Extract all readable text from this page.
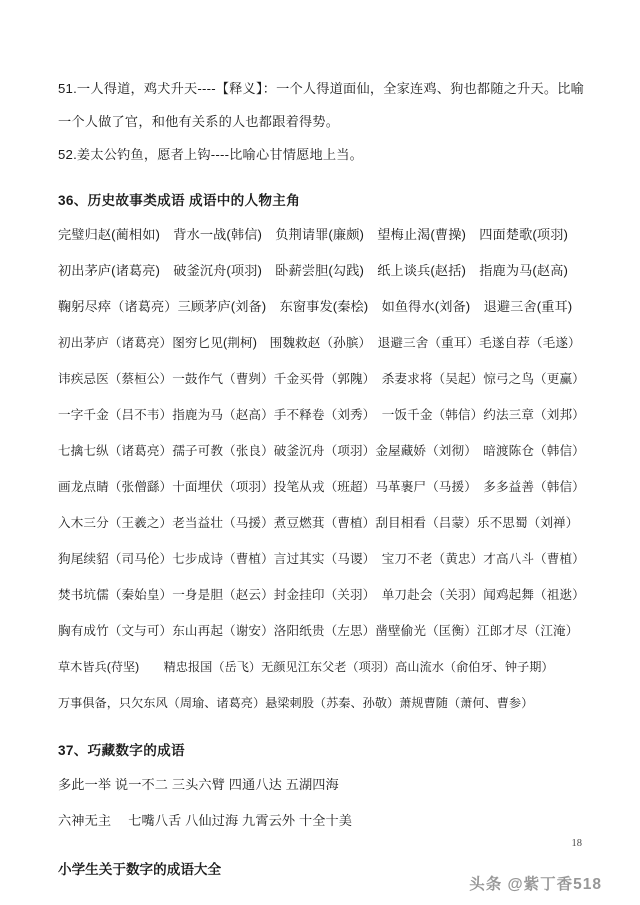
51.一人得道，鸡犬升天----【释义】：一个人得道面仙，全家连鸡、狗也都随之升天。比喻

一个人做了官，和他有关系的人也都跟着得势。

52.姜太公钓鱼，愿者上钩----比喻心甘情愿地上当。

36、历史故事类成语 成语中的人物主角

完璧归赵(蔺相如)　背水一战(韩信)　负荆请罪(廉颇)　望梅止渴(曹操)　四面楚歌(项羽)

初出茅庐(诸葛亮)　破釜沉舟(项羽)　卧薪尝胆(勾践)　纸上谈兵(赵括)　指鹿为马(赵高)

鞠躬尽瘁（诸葛亮）三顾茅庐(刘备)　东窗事发(秦桧)　如鱼得水(刘备)　退避三舍(重耳)

初出茅庐（诸葛亮）图穷匕见(荆柯)　围魏救赵（孙膑）　退避三舍（重耳）毛遂自荐（毛遂）

讳疾忌医（蔡桓公）一鼓作气（曹刿）千金买骨（郭隗）　杀妻求将（吴起）惊弓之鸟（更赢）

一字千金（吕不韦）指鹿为马（赵高）手不释卷（刘秀）　一饭千金（韩信）约法三章（刘邦）

七擒七纵（诸葛亮）孺子可教（张良）破釜沉舟（项羽）金屋藏娇（刘彻）　暗渡陈仓（韩信）

画龙点睛（张僧繇）十面埋伏（项羽）投笔从戎（班超）马革裹尸（马援）　多多益善（韩信）

入木三分（王羲之）老当益壮（马援）煮豆燃萁（曹植）刮目相看（吕蒙）乐不思蜀（刘禅）

狗尾续貂（司马伦）七步成诗（曹植）言过其实（马谡）　宝刀不老（黄忠）才高八斗（曹植）

焚书坑儒（秦始皇）一身是胆（赵云）封金挂印（关羽）　单刀赴会（关羽）闻鸡起舞（祖逖）

胸有成竹（文与可）东山再起（谢安）洛阳纸贵（左思）凿壁偷光（匡衡）江郎才尽（江淹）

草木皆兵(苻坚)　　精忠报国（岳飞）无颜见江东父老（项羽）高山流水（俞伯牙、钟子期）

万事俱备，只欠东风（周瑜、诸葛亮）悬梁刺股（苏秦、孙敬）萧规曹随（萧何、曹参）

37、巧藏数字的成语

多此一举 说一不二 三头六臂 四通八达 五湖四海

六神无主　 七嘴八舌 八仙过海 九霄云外 十全十美

小学生关于数字的成语大全
18
头条 @紫丁香518
